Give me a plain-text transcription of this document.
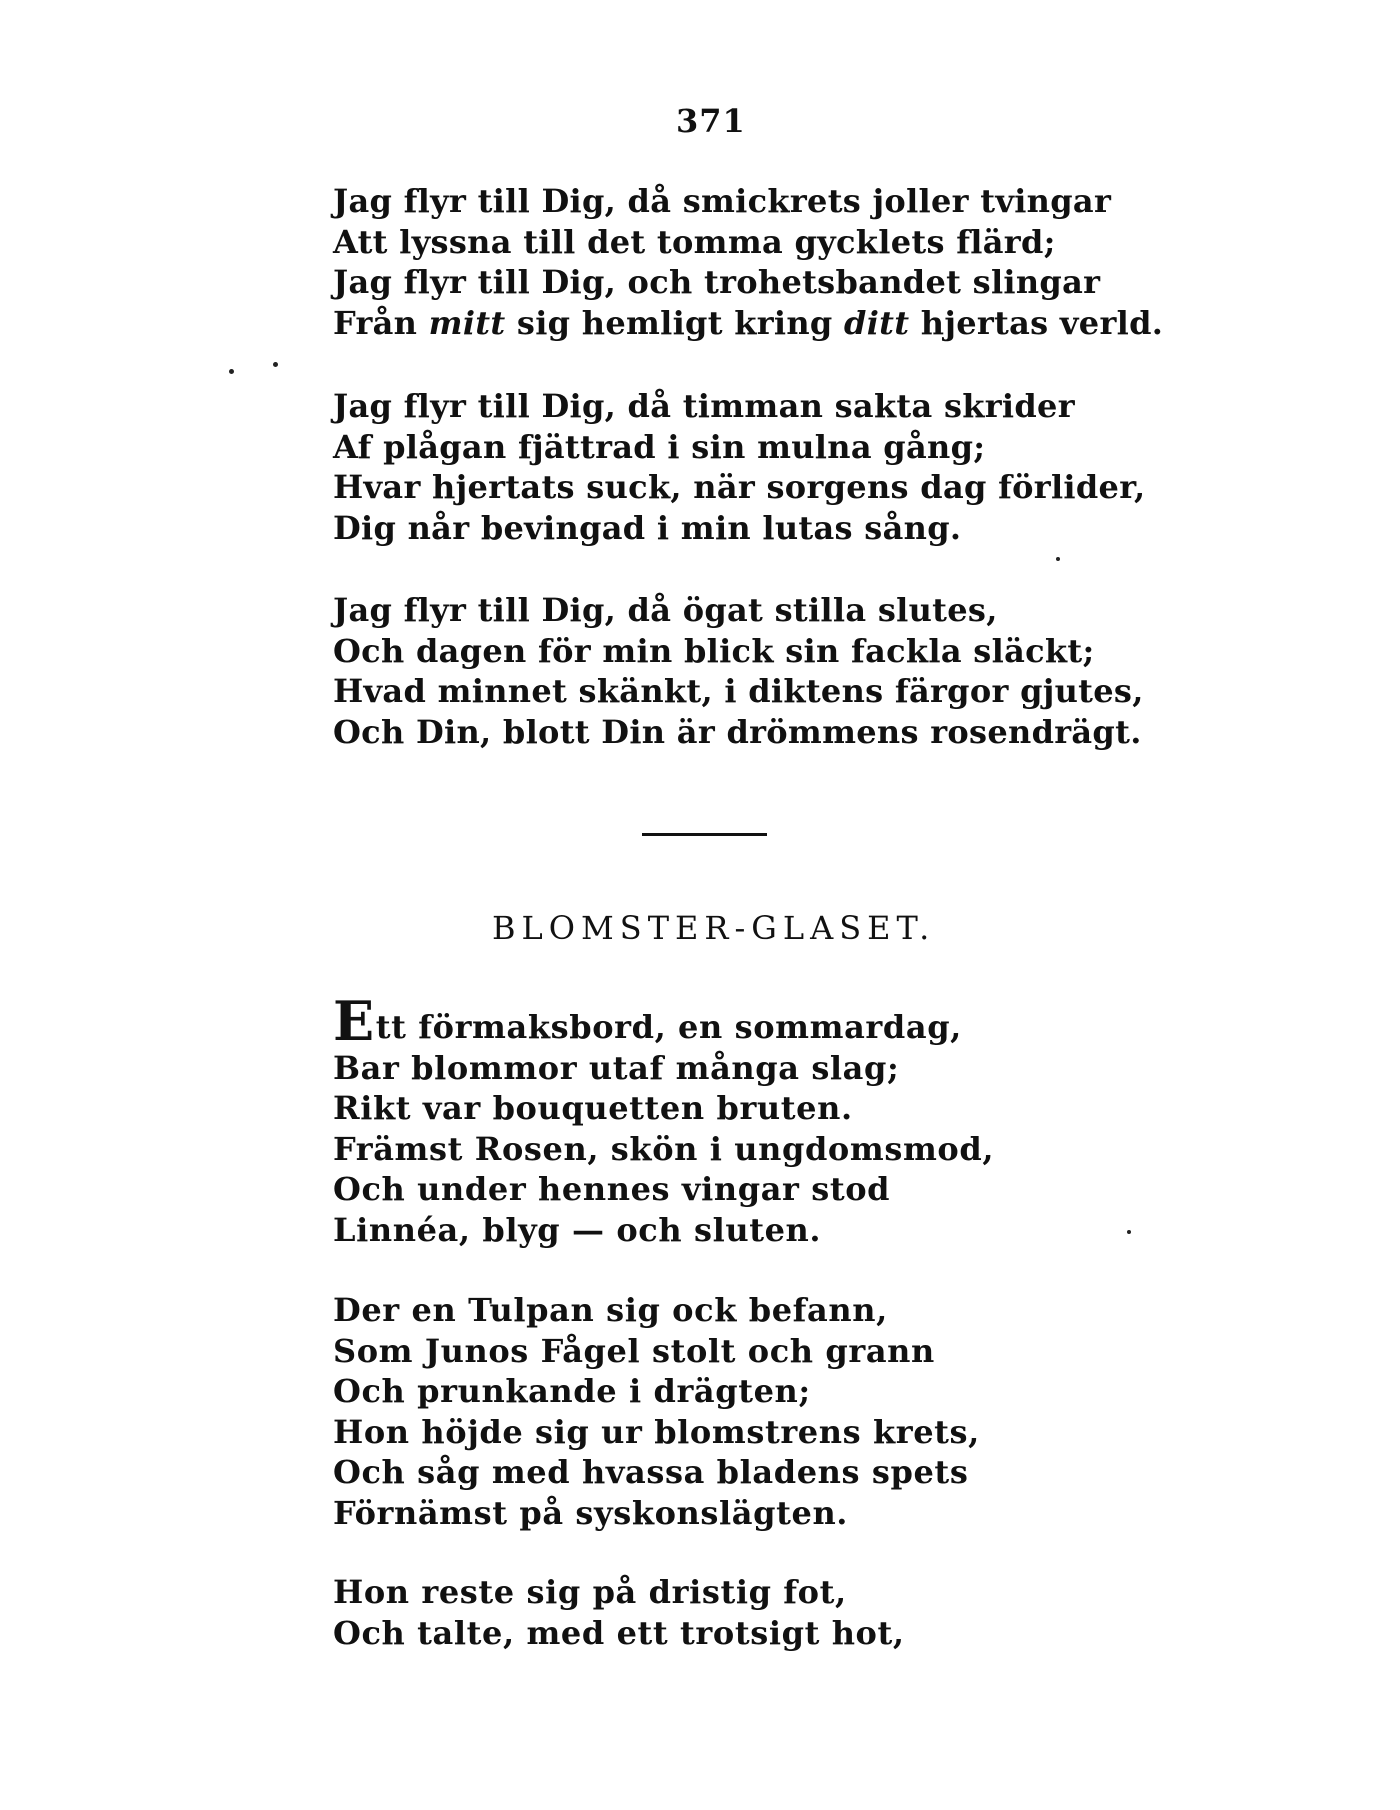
371
Jag flyr till Dig, då smickrets joller tvingar
Att lyssna till det tomma gycklets flärd;
Jag flyr till Dig, och trohetsbandet slingar
Från mitt sig hemligt kring ditt hjertas verld.
Jag flyr till Dig, då timman sakta skrider
Af plågan fjättrad i sin mulna gång;
Hvar hjertats suck, när sorgens dag förlider,
Dig når bevingad i min lutas sång.
Jag flyr till Dig, då ögat stilla slutes,
Och dagen för min blick sin fackla släckt;
Hvad minnet skänkt, i diktens färgor gjutes,
Och Din, blott Din är drömmens rosendrägt.
BLOMSTER-GLASET.
Ett förmaksbord, en sommardag,
Bar blommor utaf många slag;
Rikt var bouquetten bruten.
Främst Rosen, skön i ungdomsmod,
Och under hennes vingar stod
Linnéa, blyg — och sluten.
Der en Tulpan sig ock befann,
Som Junos Fågel stolt och grann
Och prunkande i drägten;
Hon höjde sig ur blomstrens krets,
Och såg med hvassa bladens spets
Förnämst på syskonslägten.
Hon reste sig på dristig fot,
Och talte, med ett trotsigt hot,
